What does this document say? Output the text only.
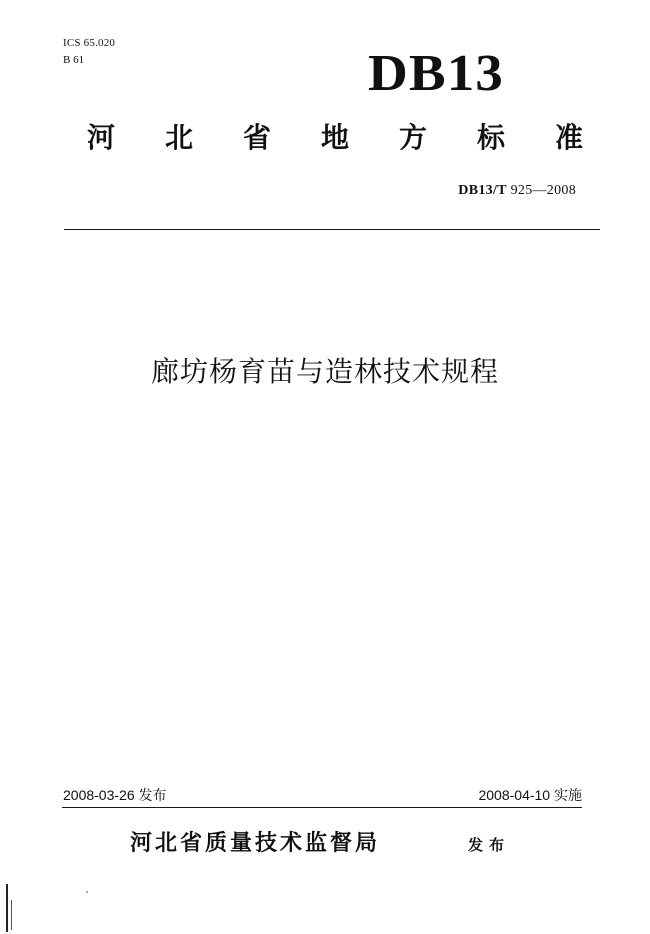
ICS 65.020
B 61	DB13
河 北 省 地 方 标 准
DB13/T 925—2008
廊坊杨育苗与造林技术规程
2008-03-26 发布	2008-04-10 实施
河北省质量技术监督局	发布
